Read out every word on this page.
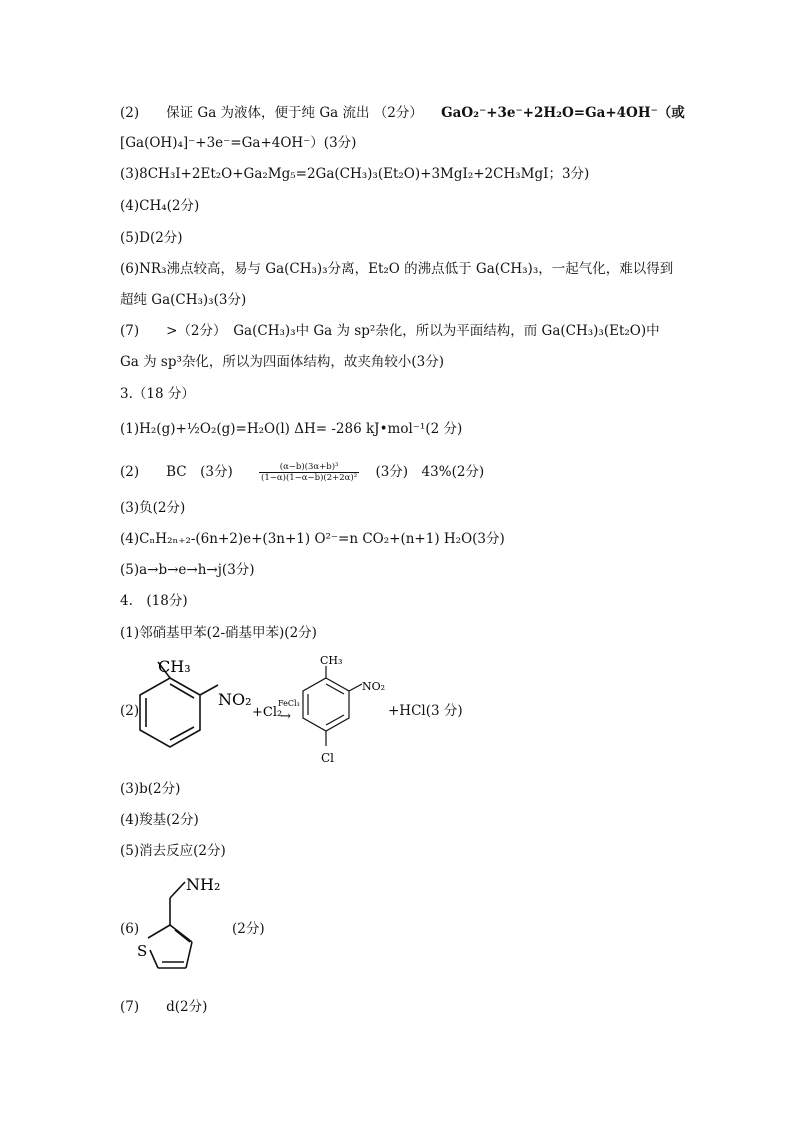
(2)　　保证 Ga 为液体，便于纯 Ga 流出 （2分） GaO₂⁻+3e⁻+2H₂O=Ga+4OH⁻（或
[Ga(OH)₄]⁻+3e⁻=Ga+4OH⁻）(3分)
(3)8CH₃I+2Et₂O+Ga₂Mg₅=2Ga(CH₃)₃(Et₂O)+3MgI₂+2CH₃MgI；3分)
(4)CH₄(2分)
(5)D(2分)
(6)NR₃沸点较高，易与 Ga(CH₃)₃分离，Et₂O 的沸点低于 Ga(CH₃)₃，一起气化，难以得到
超纯 Ga(CH₃)₃(3分)
(7)　　>（2分）　Ga(CH₃)₃中 Ga 为 sp²杂化，所以为平面结构，而 Ga(CH₃)₃(Et₂O)中
Ga 为 sp³杂化，所以为四面体结构，故夹角较小(3分)
3.（18 分）
(1)H₂(g)+½O₂(g)=H₂O(l) ΔH= -286 kJ•mol⁻¹(2 分)
(2)　　BC　(3分)	$\frac{\text{(α−b)(3α+b)³}}{\text{(1−α)(1−α−b)(2+2α)²}} (3$分)　43%(2分)
(3)负(2分)
(4)CₙH₂ₙ₊₂-(6n+2)e+(3n+1) O²⁻=n CO₂+(n+1) H₂O(3分)
(5)a→b→e→h→j(3分)
4.　(18分)
(1)邻硝基甲苯(2-硝基甲苯)(2分)
(2)
CH₃
NO₂
+Cl₂
FeCl₃
→
CH₃
NO₂
Cl
+HCl(3 分)
(3)b(2分)
(4)羧基(2分)
(5)消去反应(2分)
(6)
NH₂
S
(2分)
(7)　　d(2分)
